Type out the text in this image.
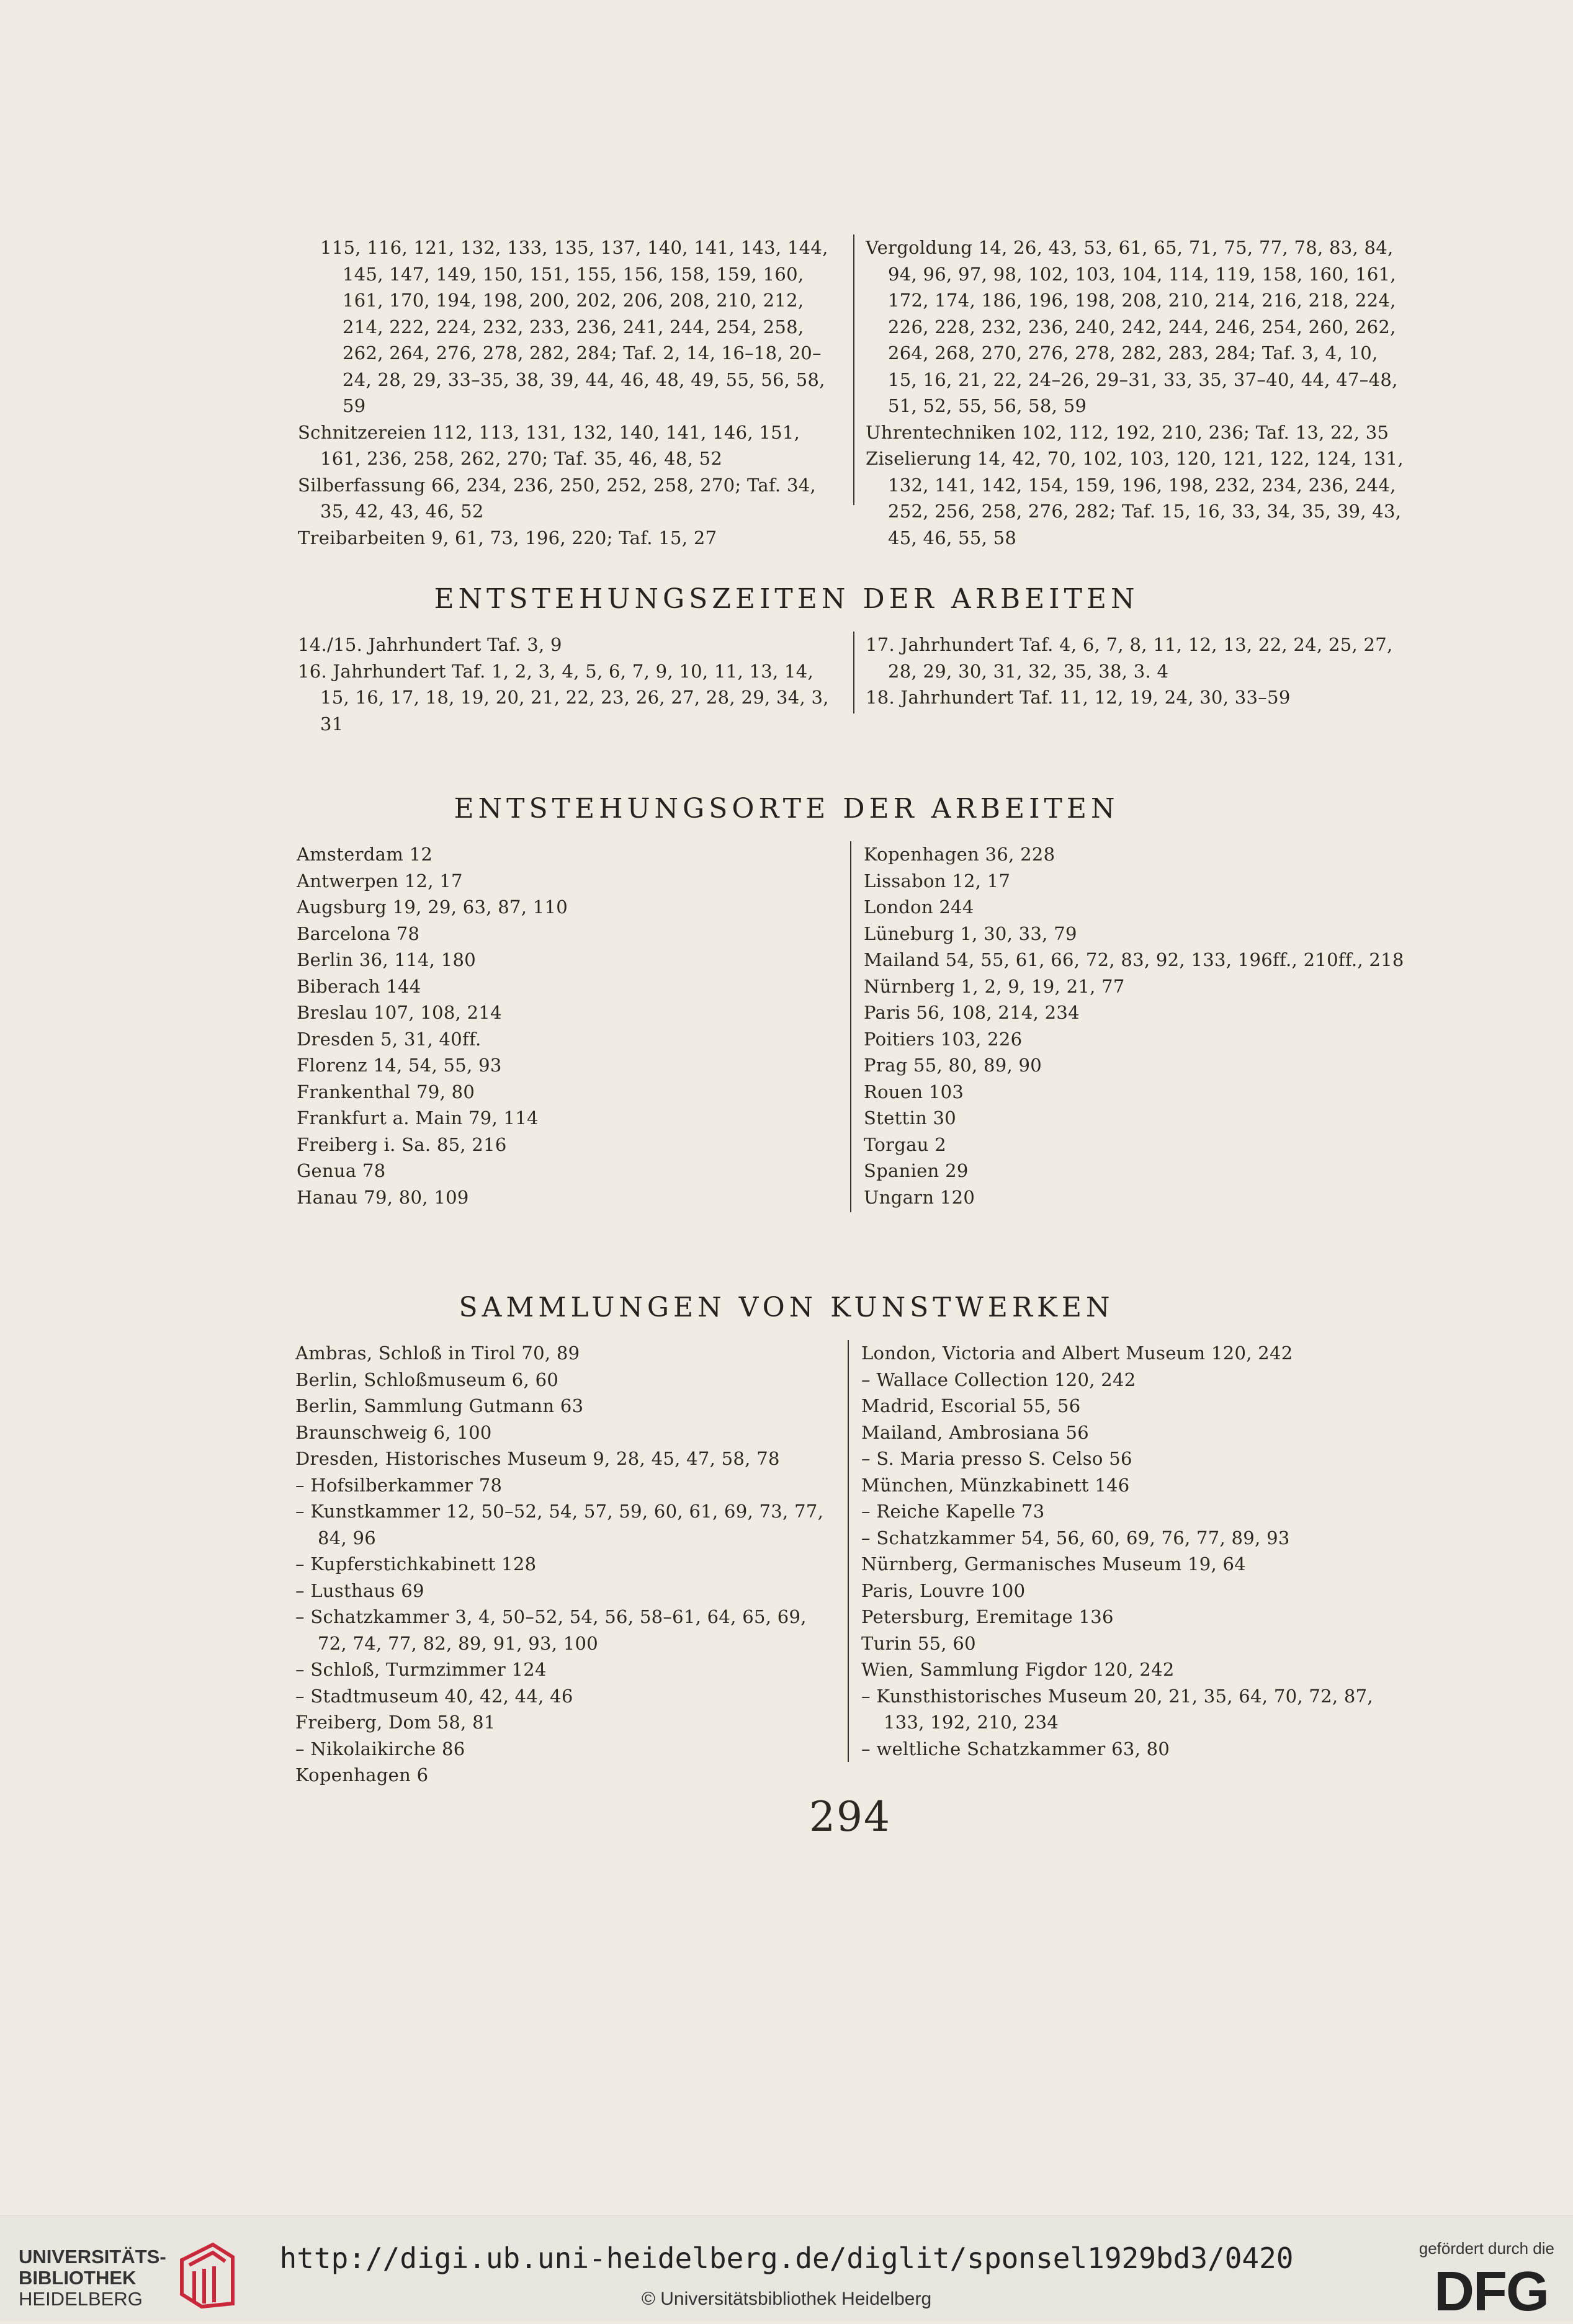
115, 116, 121, 132, 133, 135, 137, 140, 141, 143, 144, 145, 147, 149, 150, 151, 155, 156, 158, 159, 160, 161, 170, 194, 198, 200, 202, 206, 208, 210, 212, 214, 222, 224, 232, 233, 236, 241, 244, 254, 258, 262, 264, 276, 278, 282, 284; Taf. 2, 14, 16–18, 20–24, 28, 29, 33–35, 38, 39, 44, 46, 48, 49, 55, 56, 58, 59

Schnitzereien 112, 113, 131, 132, 140, 141, 146, 151, 161, 236, 258, 262, 270; Taf. 35, 46, 48, 52

Silberfassung 66, 234, 236, 250, 252, 258, 270; Taf. 34, 35, 42, 43, 46, 52

Treibarbeiten 9, 61, 73, 196, 220; Taf. 15, 27

Vergoldung 14, 26, 43, 53, 61, 65, 71, 75, 77, 78, 83, 84, 94, 96, 97, 98, 102, 103, 104, 114, 119, 158, 160, 161, 172, 174, 186, 196, 198, 208, 210, 214, 216, 218, 224, 226, 228, 232, 236, 240, 242, 244, 246, 254, 260, 262, 264, 268, 270, 276, 278, 282, 283, 284; Taf. 3, 4, 10, 15, 16, 21, 22, 24–26, 29–31, 33, 35, 37–40, 44, 47–48, 51, 52, 55, 56, 58, 59

Uhrentechniken 102, 112, 192, 210, 236; Taf. 13, 22, 35

Ziselierung 14, 42, 70, 102, 103, 120, 121, 122, 124, 131, 132, 141, 142, 154, 159, 196, 198, 232, 234, 236, 244, 252, 256, 258, 276, 282; Taf. 15, 16, 33, 34, 35, 39, 43, 45, 46, 55, 58

ENTSTEHUNGSZEITEN DER ARBEITEN

14./15. Jahrhundert Taf. 3, 9

16. Jahrhundert Taf. 1, 2, 3, 4, 5, 6, 7, 9, 10, 11, 13, 14, 15, 16, 17, 18, 19, 20, 21, 22, 23, 26, 27, 28, 29, 34, 3, 31

17. Jahrhundert Taf. 4, 6, 7, 8, 11, 12, 13, 22, 24, 25, 27, 28, 29, 30, 31, 32, 35, 38, 3. 4

18. Jahrhundert Taf. 11, 12, 19, 24, 30, 33–59

ENTSTEHUNGSORTE DER ARBEITEN

Amsterdam 12

Antwerpen 12, 17

Augsburg 19, 29, 63, 87, 110

Barcelona 78

Berlin 36, 114, 180

Biberach 144

Breslau 107, 108, 214

Dresden 5, 31, 40ff.

Florenz 14, 54, 55, 93

Frankenthal 79, 80

Frankfurt a. Main 79, 114

Freiberg i. Sa. 85, 216

Genua 78

Hanau 79, 80, 109

Kopenhagen 36, 228

Lissabon 12, 17

London 244

Lüneburg 1, 30, 33, 79

Mailand 54, 55, 61, 66, 72, 83, 92, 133, 196ff., 210ff., 218

Nürnberg 1, 2, 9, 19, 21, 77

Paris 56, 108, 214, 234

Poitiers 103, 226

Prag 55, 80, 89, 90

Rouen 103

Stettin 30

Torgau 2

Spanien 29

Ungarn 120

SAMMLUNGEN VON KUNSTWERKEN

Ambras, Schloß in Tirol 70, 89

Berlin, Schloßmuseum 6, 60

Berlin, Sammlung Gutmann 63

Braunschweig 6, 100

Dresden, Historisches Museum 9, 28, 45, 47, 58, 78

– Hofsilberkammer 78

– Kunstkammer 12, 50–52, 54, 57, 59, 60, 61, 69, 73, 77, 84, 96

– Kupferstichkabinett 128

– Lusthaus 69

– Schatzkammer 3, 4, 50–52, 54, 56, 58–61, 64, 65, 69, 72, 74, 77, 82, 89, 91, 93, 100

– Schloß, Turmzimmer 124

– Stadtmuseum 40, 42, 44, 46

Freiberg, Dom 58, 81

– Nikolaikirche 86

Kopenhagen 6

London, Victoria and Albert Museum 120, 242

– Wallace Collection 120, 242

Madrid, Escorial 55, 56

Mailand, Ambrosiana 56

– S. Maria presso S. Celso 56

München, Münzkabinett 146

– Reiche Kapelle 73

– Schatzkammer 54, 56, 60, 69, 76, 77, 89, 93

Nürnberg, Germanisches Museum 19, 64

Paris, Louvre 100

Petersburg, Eremitage 136

Turin 55, 60

Wien, Sammlung Figdor 120, 242

– Kunsthistorisches Museum 20, 21, 35, 64, 70, 72, 87, 133, 192, 210, 234

– weltliche Schatzkammer 63, 80

294
UNIVERSITÄTS-
BIBLIOTHEK
HEIDELBERG

http://digi.ub.uni-heidelberg.de/diglit/sponsel1929bd3/0420
© Universitätsbibliothek Heidelberg
gefördert durch die
DFG
